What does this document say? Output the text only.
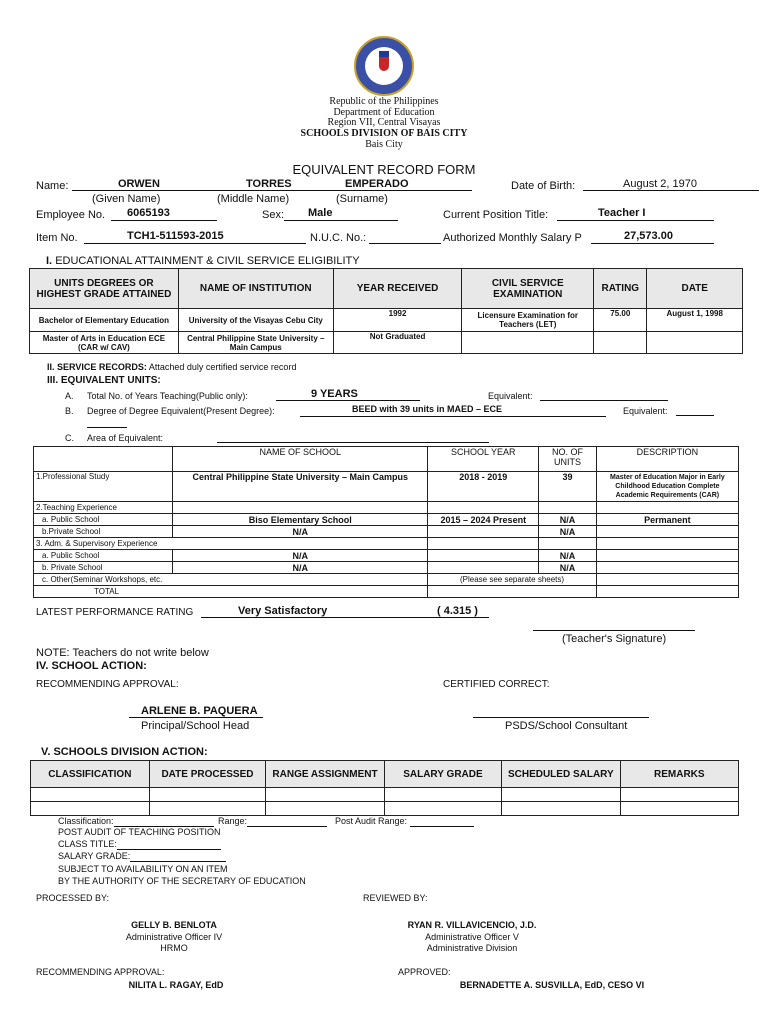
Republic of the Philippines
Department of Education
Region VII, Central Visayas
SCHOOLS DIVISION OF BAIS CITY
Bais City
EQUIVALENT RECORD FORM
Name:	ORWEN	TORRES	EMPERADO	Date of Birth:	August 2, 1970
(Given Name)	(Middle Name)	(Surname)
Employee No. 6065193	Sex: Male	Current Position Title:	Teacher I
Item No.	TCH1-511593-2015	N.U.C. No.:	Authorized Monthly Salary P	27,573.00
I. EDUCATIONAL ATTAINMENT & CIVIL SERVICE ELIGIBILITY
UNITS DEGREES OR HIGHEST GRADE ATTAINED	NAME OF INSTITUTION	YEAR RECEIVED	CIVIL SERVICE EXAMINATION	RATING	DATE
Bachelor of Elementary Education	University of the Visayas Cebu City	1992	Licensure Examination for Teachers (LET)	75.00	August 1, 1998
Master of Arts in Education ECE (CAR w/ CAV)	Central Philippine State University – Main Campus	Not Graduated			
II. SERVICE RECORDS: Attached duly certified service record
III. EQUIVALENT UNITS:
A. Total No. of Years Teaching(Public only):	9 YEARS	Equivalent:
B. Degree of Degree Equivalent(Present Degree):	BEED with 39 units in MAED – ECE	Equivalent:
C. Area of Equivalent:
	NAME OF SCHOOL	SCHOOL YEAR	NO. OF UNITS	DESCRIPTION
1.Professional Study	Central Philippine State University – Main Campus	2018 - 2019	39	Master of Education Major in Early Childhood Education Complete Academic Requirements (CAR)
2.Teaching Experience				
a. Public School	Biso Elementary School	2015 – 2024 Present	N/A	Permanent
b.Private School	N/A		N/A	
3. Adm. & Supervisory Experience				
a. Public School	N/A		N/A	
b. Private School	N/A		N/A	
c. Other(Seminar Workshops, etc.		(Please see separate sheets)		
TOTAL				
LATEST PERFORMANCE RATING	Very Satisfactory	( 4.315 )
(Teacher's Signature)
NOTE: Teachers do not write below
IV. SCHOOL ACTION:
RECOMMENDING APPROVAL:	CERTIFIED CORRECT:
ARLENE B. PAQUERA
Principal/School Head	PSDS/School Consultant
V. SCHOOLS DIVISION ACTION:
CLASSIFICATION	DATE PROCESSED	RANGE ASSIGNMENT	SALARY GRADE	SCHEDULED SALARY	REMARKS

Classification:	Range:	Post Audit Range:
POST AUDIT OF TEACHING POSITION
CLASS TITLE:
SALARY GRADE:
SUBJECT TO AVAILABILITY ON AN ITEM
BY THE AUTHORITY OF THE SECRETARY OF EDUCATION
PROCESSED BY:	REVIEWED BY:
GELLY B. BENLOTA
Administrative Officer IV
HRMO
RYAN R. VILLAVICENCIO, J.D.
Administrative Officer V
Administrative Division
RECOMMENDING APPROVAL:	APPROVED:
NILITA L. RAGAY, EdD	BERNADETTE A. SUSVILLA, EdD, CESO VI
